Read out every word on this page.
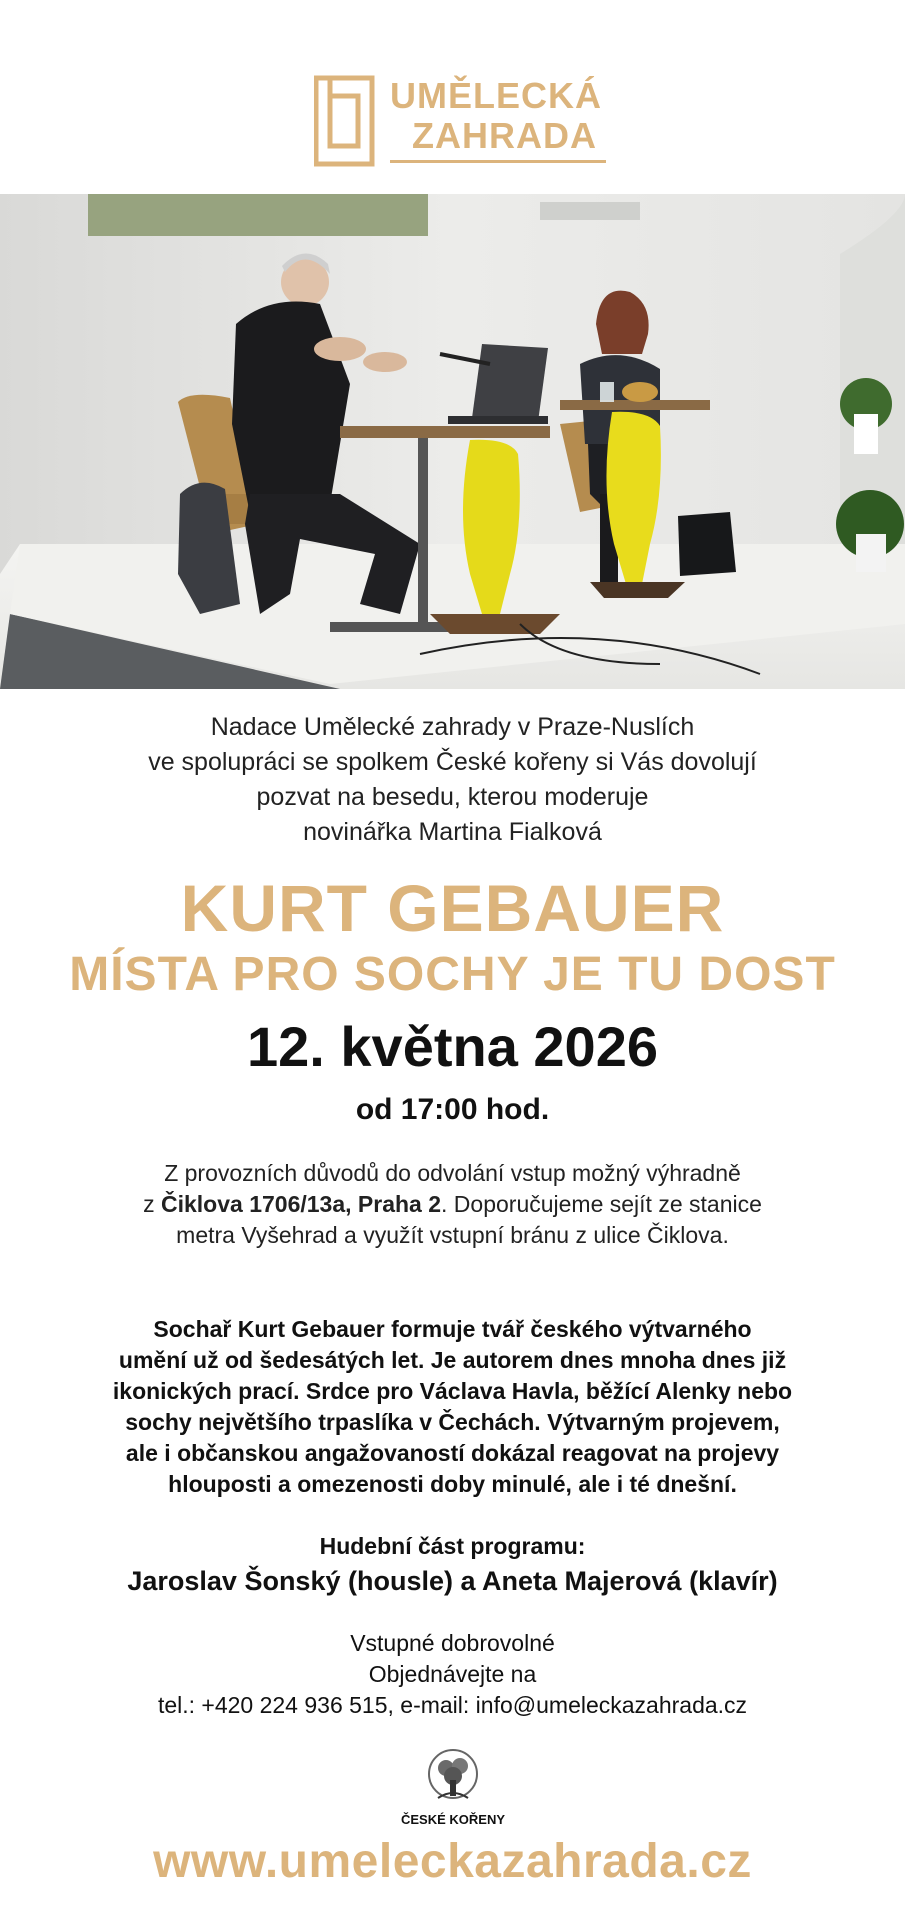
UMĚLECKÁ
ZAHRADA
Nadace Umělecké zahrady v Praze-Nuslích
ve spolupráci se spolkem České kořeny si Vás dovolují
pozvat na besedu, kterou moderuje
novinářka Martina Fialková
KURT GEBAUER
MÍSTA PRO SOCHY JE TU DOST
12. května 2026
od 17:00 hod.
Z provozních důvodů do odvolání vstup možný výhradně
z Čiklova 1706/13a, Praha 2. Doporučujeme sejít ze stanice
metra Vyšehrad a využít vstupní bránu z ulice Čiklova.
Sochař Kurt Gebauer formuje tvář českého výtvarného
umění už od šedesátých let. Je autorem dnes mnoha dnes již
ikonických prací. Srdce pro Václava Havla, běžící Alenky nebo
sochy největšího trpaslíka v Čechách. Výtvarným projevem,
ale i občanskou angažovaností dokázal reagovat na projevy
hlouposti a omezenosti doby minulé, ale i té dnešní.
Hudební část programu:
Jaroslav Šonský (housle) a Aneta Majerová (klavír)
Vstupné dobrovolné
Objednávejte na
tel.: +420 224 936 515, e-mail: info@umeleckazahrada.cz
ČESKÉ KOŘENY
www.umeleckazahrada.cz
